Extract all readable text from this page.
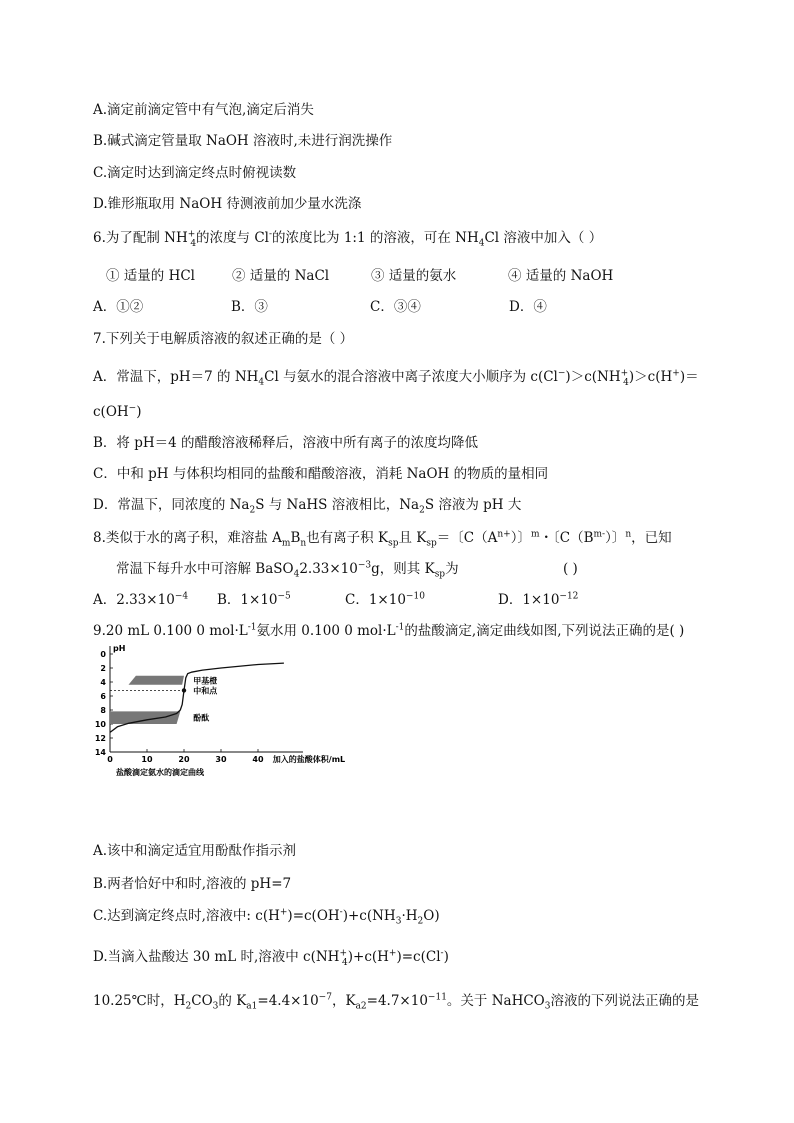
A.滴定前滴定管中有气泡,滴定后消失
B.碱式滴定管量取 NaOH 溶液时,未进行润洗操作
C.滴定时达到滴定终点时俯视读数
D.锥形瓶取用 NaOH 待测液前加少量水洗涤
6.为了配制 $NH^+_4$的浓度与 Cl-的浓度比为 1:1 的溶液，可在 $NH_4Cl$ 溶液中加入（ ）
① 适量的 HCl	② 适量的 NaCl	③ 适量的氨水	④ 适量的 NaOH
A．①②	B．③	C．③④	D．④
7.下列关于电解质溶液的叙述正确的是（ ）
A．常温下，pH＝7 的 $NH_4Cl$ 与氨水的混合溶液中离子浓度大小顺序为 $c(Cl^-)>c(NH^+_4)>c(H^+)=$
c(OH−)
B．将 pH＝4 的醋酸溶液稀释后，溶液中所有离子的浓度均降低
C．中和 pH 与体积均相同的盐酸和醋酸溶液，消耗 NaOH 的物质的量相同
D．常温下，同浓度的 $Na_2S$ 与 NaHS 溶液相比，$Na_2S$ 溶液为 pH 大
8.类似于水的离子积，难溶盐 $A_mB_n$也有离子积 $K_{sp}$且 $K_{sp}=$〔$C(A^{n+})$〕$^m$・〔$C(B^{m-})$〕$^n$，已知
常温下每升水中可溶解 $BaSO_42.33\times 10^{-3}g$，则其 $K_{sp}$为	( )
A．$2.33\times 10^{-4}$	B．$1\times 10^{-5}$	C．$1\times 10^{-10}$	D．$1\times 10^{-12}$
9.20 mL 0.100 0 $mol\cdot L^{-1}$氨水用 0.100 0 $mol\cdot L^{-1}$的盐酸滴定,滴定曲线如图,下列说法正确的是( )
pH
0
2
4
6
8
10
12
14
0	10	20	30	40 加入的盐酸体积/mL
盐酸滴定氨水的滴定曲线
甲基橙
酚酞
中和点
A.该中和滴定适宜用酚酞作指示剂
B.两者恰好中和时,溶液的 pH=7
C.达到滴定终点时,溶液中: $c(H^+)=c(OH^-)+c(NH_3\cdot H_2O)$
D.当滴入盐酸达 30 mL 时,溶液中 $c(NH^+_4)+c(H^+)=c(Cl^-)$
10.25℃时，$H_2CO_3$的 $K_{a1}=4.4\times 10^{-7}$，$K_{a2}=4.7\times 10^{-11}$。关于 NaHCO$_3$溶液的下列说法正确的是
